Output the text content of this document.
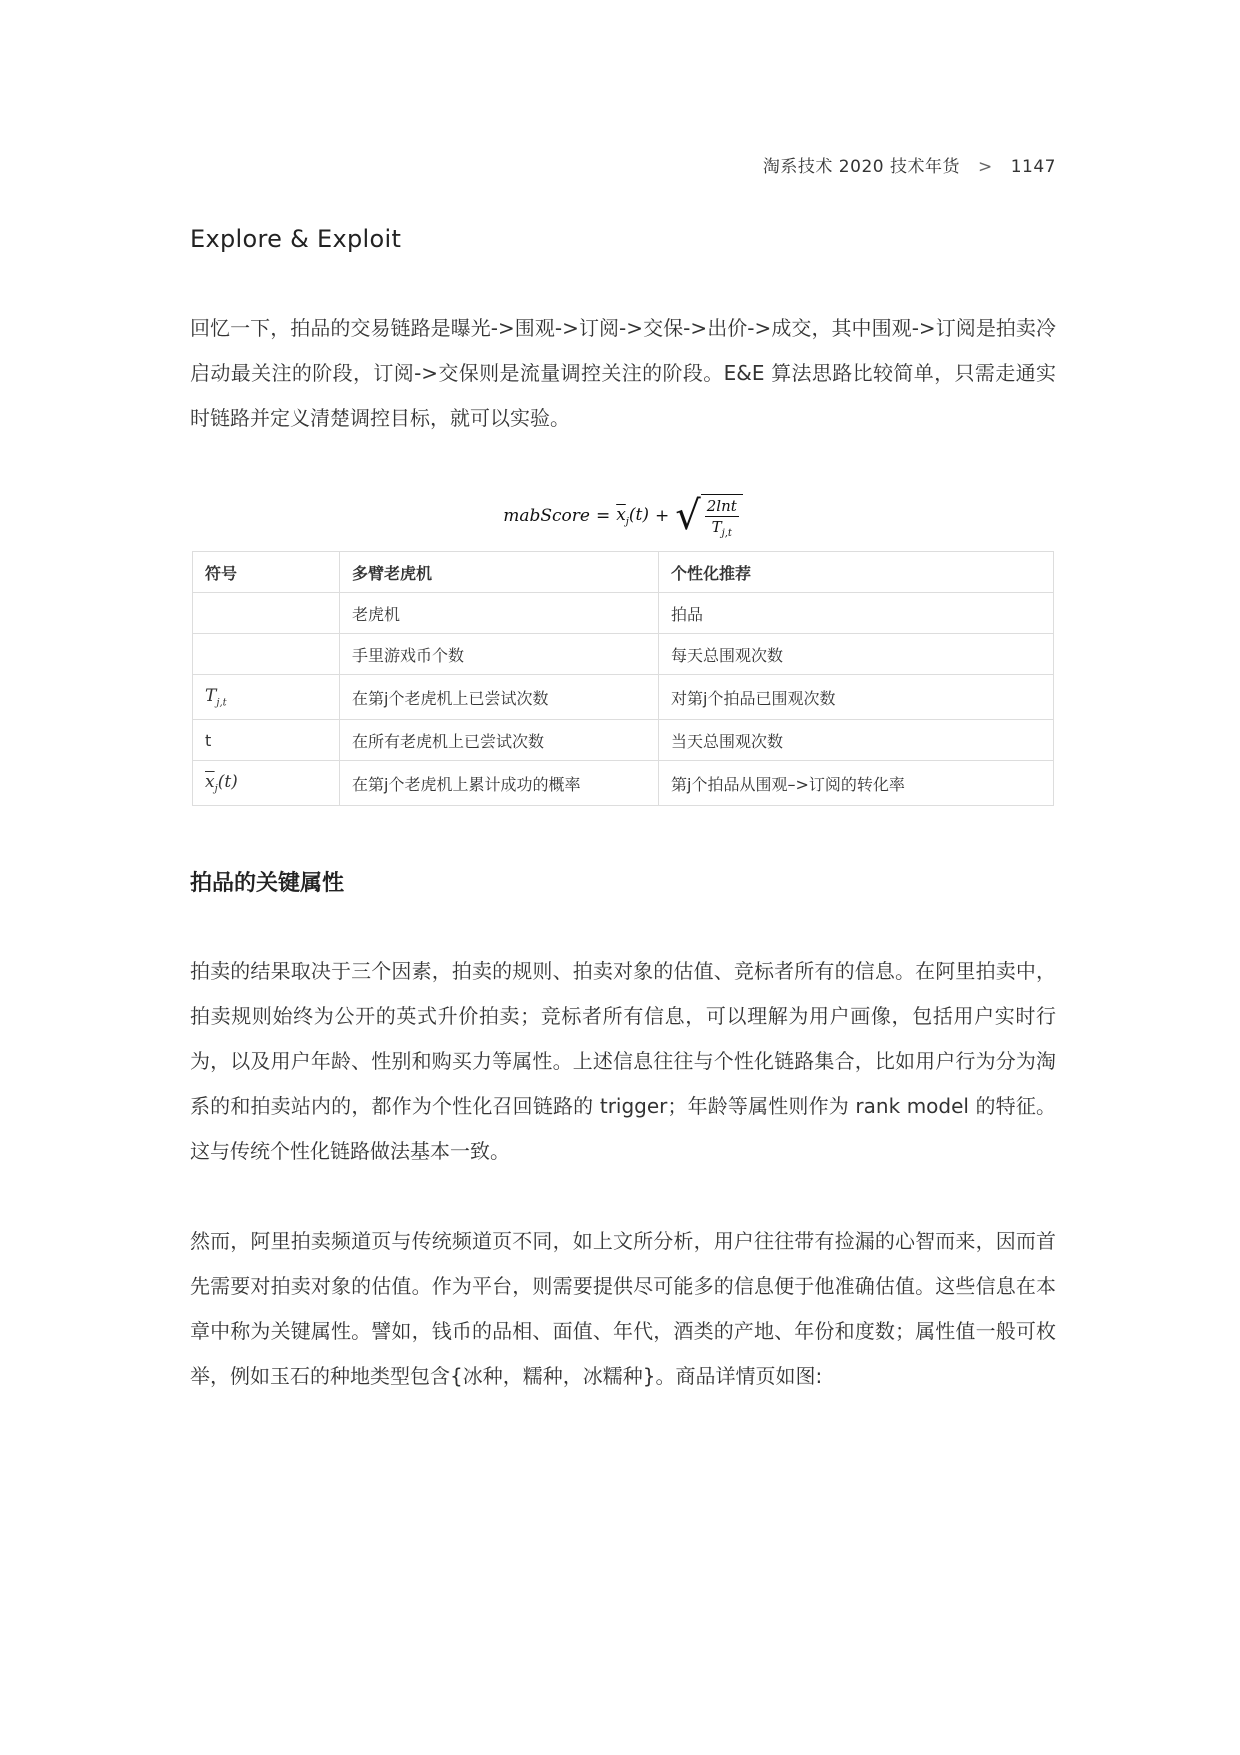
淘系技术 2020 技术年货 > 1147
Explore & Exploit

回忆一下，拍品的交易链路是曝光->围观->订阅->交保->出价->成交，其中围观->订阅是拍卖冷启动最关注的阶段，订阅->交保则是流量调控关注的阶段。E&E 算法思路比较简单，只需走通实时链路并定义清楚调控目标，就可以实验。

mabScore = $\overline{x}_j(t)$ + √ $\frac{2\ln t}{T_{j,t}}$
符号	多臂老虎机	个性化推荐
	老虎机	拍品
	手里游戏币个数	每天总围观次数
$T_{j,t}$	在第j个老虎机上已尝试次数	对第j个拍品已围观次数
t	在所有老虎机上已尝试次数	当天总围观次数
$\overline{x}_j(t)$	在第j个老虎机上累计成功的概率	第j个拍品从围观–>订阅的转化率
拍品的关键属性

拍卖的结果取决于三个因素，拍卖的规则、拍卖对象的估值、竞标者所有的信息。在阿里拍卖中，拍卖规则始终为公开的英式升价拍卖；竞标者所有信息，可以理解为用户画像，包括用户实时行为，以及用户年龄、性别和购买力等属性。上述信息往往与个性化链路集合，比如用户行为分为淘系的和拍卖站内的，都作为个性化召回链路的 trigger；年龄等属性则作为 rank model 的特征。这与传统个性化链路做法基本一致。

然而，阿里拍卖频道页与传统频道页不同，如上文所分析，用户往往带有捡漏的心智而来，因而首先需要对拍卖对象的估值。作为平台，则需要提供尽可能多的信息便于他准确估值。这些信息在本章中称为关键属性。譬如，钱币的品相、面值、年代，酒类的产地、年份和度数；属性值一般可枚举，例如玉石的种地类型包含{冰种，糯种，冰糯种}。商品详情页如图:
